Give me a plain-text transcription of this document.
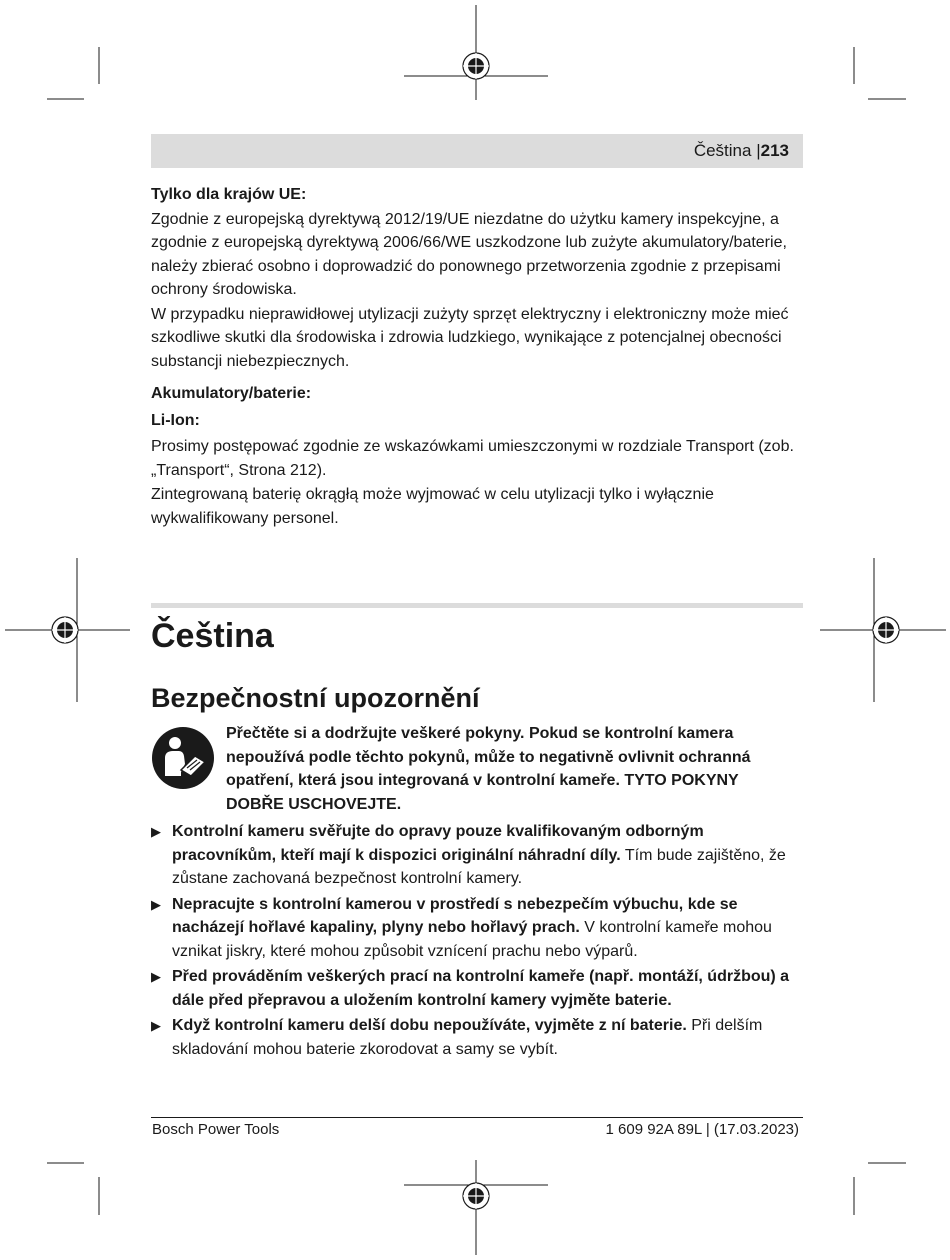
Čeština |213

Tylko dla krajów UE:

Zgodnie z europejską dyrektywą 2012/19/UE niezdatne do użytku kamery inspekcyjne, a zgodnie z europejską dyrektywą 2006/66/WE uszkodzone lub zużyte akumulatory/baterie, należy zbierać osobno i doprowadzić do ponownego przetworzenia zgodnie z przepisami ochrony środowiska.

W przypadku nieprawidłowej utylizacji zużyty sprzęt elektryczny i elektroniczny może mieć szkodliwe skutki dla środowiska i zdrowia ludzkiego, wynikające z potencjalnej obecności substancji niebezpiecznych.

Akumulatory/baterie:

Li-Ion:

Prosimy postępować zgodnie ze wskazówkami umieszczonymi w rozdziale Transport (zob. „Transport“, Strona 212).

Zintegrowaną baterię okrągłą może wyjmować w celu utylizacji tylko i wyłącznie wykwalifikowany personel.

Čeština
Bezpečnostní upozornění
Přečtěte si a dodržujte veškeré pokyny. Pokud se kontrolní kamera nepoužívá podle těchto pokynů, může to negativně ovlivnit ochranná opatření, která jsou integrovaná v kontrolní kameře. TYTO POKYNY DOBŘE USCHOVEJTE.
▶ Kontrolní kameru svěřujte do opravy pouze kvalifikovaným odborným pracovníkům, kteří mají k dispozici originální náhradní díly. Tím bude zajištěno, že zůstane zachovaná bezpečnost kontrolní kamery.
▶ Nepracujte s kontrolní kamerou v prostředí s nebezpečím výbuchu, kde se nacházejí hořlavé kapaliny, plyny nebo hořlavý prach. V kontrolní kameře mohou vznikat jiskry, které mohou způsobit vznícení prachu nebo výparů.
▶ Před prováděním veškerých prací na kontrolní kameře (např. montáží, údržbou) a dále před přepravou a uložením kontrolní kamery vyjměte baterie.
▶ Když kontrolní kameru delší dobu nepoužíváte, vyjměte z ní baterie. Při delším skladování mohou baterie zkorodovat a samy se vybít.
Bosch Power Tools	1 609 92A 89L | (17.03.2023)
